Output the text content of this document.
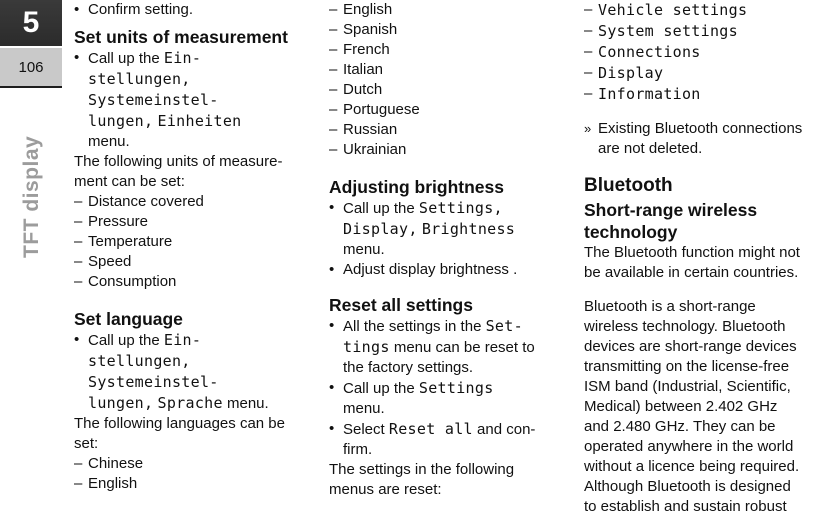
5
106
TFT display

• Confirm setting.

Set units of measurement

• Call up the Ein-

stellungen,

Systemeinstel-

lungen, Einheiten

menu.

The following units of measure-

ment can be set:

– Distance covered

– Pressure

– Temperature

– Speed

– Consumption

Set language

• Call up the Ein-

stellungen,

Systemeinstel-

lungen, Sprache menu.

The following languages can be

set:

– Chinese

– English

– English

– Spanish

– French

– Italian

– Dutch

– Portuguese

– Russian

– Ukrainian

Adjusting brightness

• Call up the Settings,

Display, Brightness

menu.

• Adjust display brightness .

Reset all settings

• All the settings in the Set-

tings menu can be reset to

the factory settings.

• Call up the Settings

menu.

• Select Reset all and con-

firm.

The settings in the following

menus are reset:

– Vehicle settings

– System settings

– Connections

– Display

– Information

» Existing Bluetooth connections

are not deleted.

Bluetooth
Short-range wireless
technology

The Bluetooth function might not

be available in certain countries.

Bluetooth is a short-range

wireless technology. Bluetooth

devices are short-range devices

transmitting on the license-free

ISM band (Industrial, Scientific,

Medical) between 2.402 GHz

and 2.480 GHz. They can be

operated anywhere in the world

without a licence being required.

Although Bluetooth is designed

to establish and sustain robust
